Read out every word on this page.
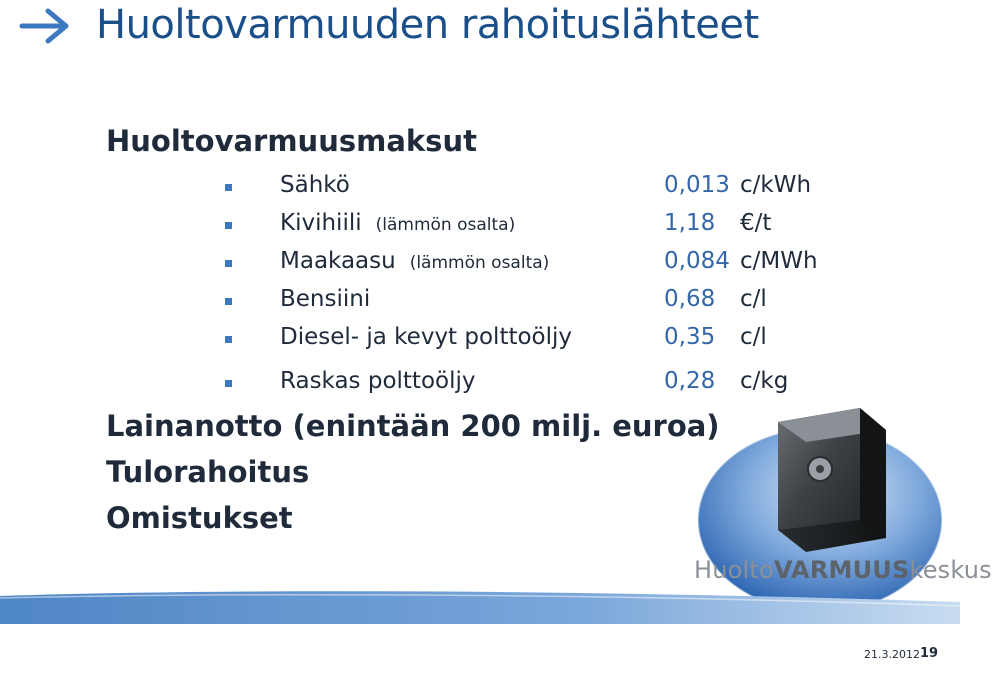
Huoltovarmuuden rahoituslähteet
Huoltovarmuusmaksut
Sähkö	0,013 c/kWh
Kivihiili (lämmön osalta)	1,18 €/t
Maakaasu (lämmön osalta)	0,084 c/MWh
Bensiini	0,68 c/l
Diesel- ja kevyt polttoöljy	0,35 c/l
Raskas polttoöljy	0,28 c/kg
HuoltoVARMUUSkeskus
Lainanotto (enintään 200 milj. euroa)
Tulorahoitus
Omistukset
21.3.2012 19
